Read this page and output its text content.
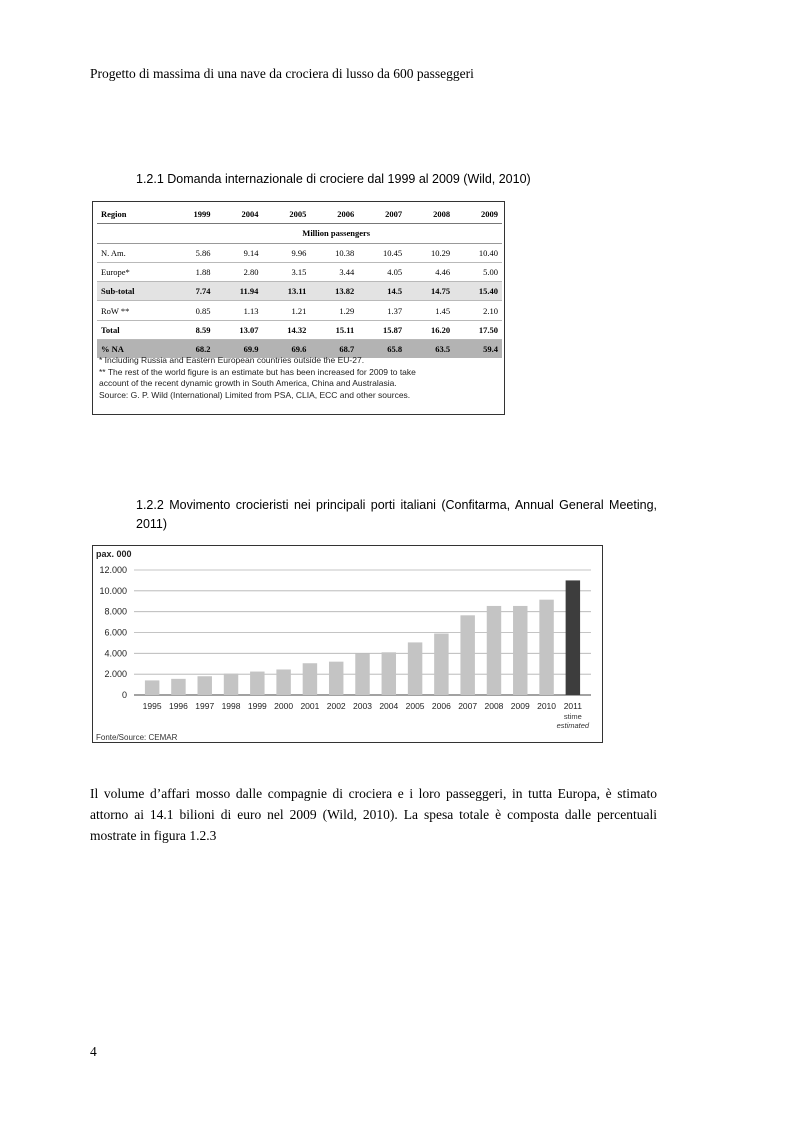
Progetto di massima di una nave da crociera di lusso da 600 passeggeri
1.2.1 Domanda internazionale di crociere dal 1999 al 2009 (Wild, 2010)
Region	1999	2004	2005	2006	2007	2008	2009
	Million passengers						
N. Am.	5.86	9.14	9.96	10.38	10.45	10.29	10.40
Europe*	1.88	2.80	3.15	3.44	4.05	4.46	5.00
Sub-total	7.74	11.94	13.11	13.82	14.5	14.75	15.40
RoW **	0.85	1.13	1.21	1.29	1.37	1.45	2.10
Total	8.59	13.07	14.32	15.11	15.87	16.20	17.50
% NA	68.2	69.9	69.6	68.7	65.8	63.5	59.4
* Including Russia and Eastern European countries outside the EU-27.
** The rest of the world figure is an estimate but has been increased for 2009 to take
account of the recent dynamic growth in South America, China and Australasia.
Source: G. P. Wild (International) Limited from PSA, CLIA, ECC and other sources.
1.2.2 Movimento crocieristi nei principali porti italiani (Confitarma, Annual General Meeting, 2011)
pax. 000
0
2.000
4.000
6.000
8.000
10.000
12.000
1995 1996 1997 1998 1999 2000 2001 2002 2003 2004 2005 2006 2007 2008 2009 2010 2011
stime
estimated
Fonte/Source: CEMAR
Il volume d’affari mosso dalle compagnie di crociera e i loro passeggeri, in tutta Europa, è stimato attorno ai 14.1 bilioni di euro nel 2009 (Wild, 2010). La spesa totale è composta dalle percentuali mostrate in figura 1.2.3
4
